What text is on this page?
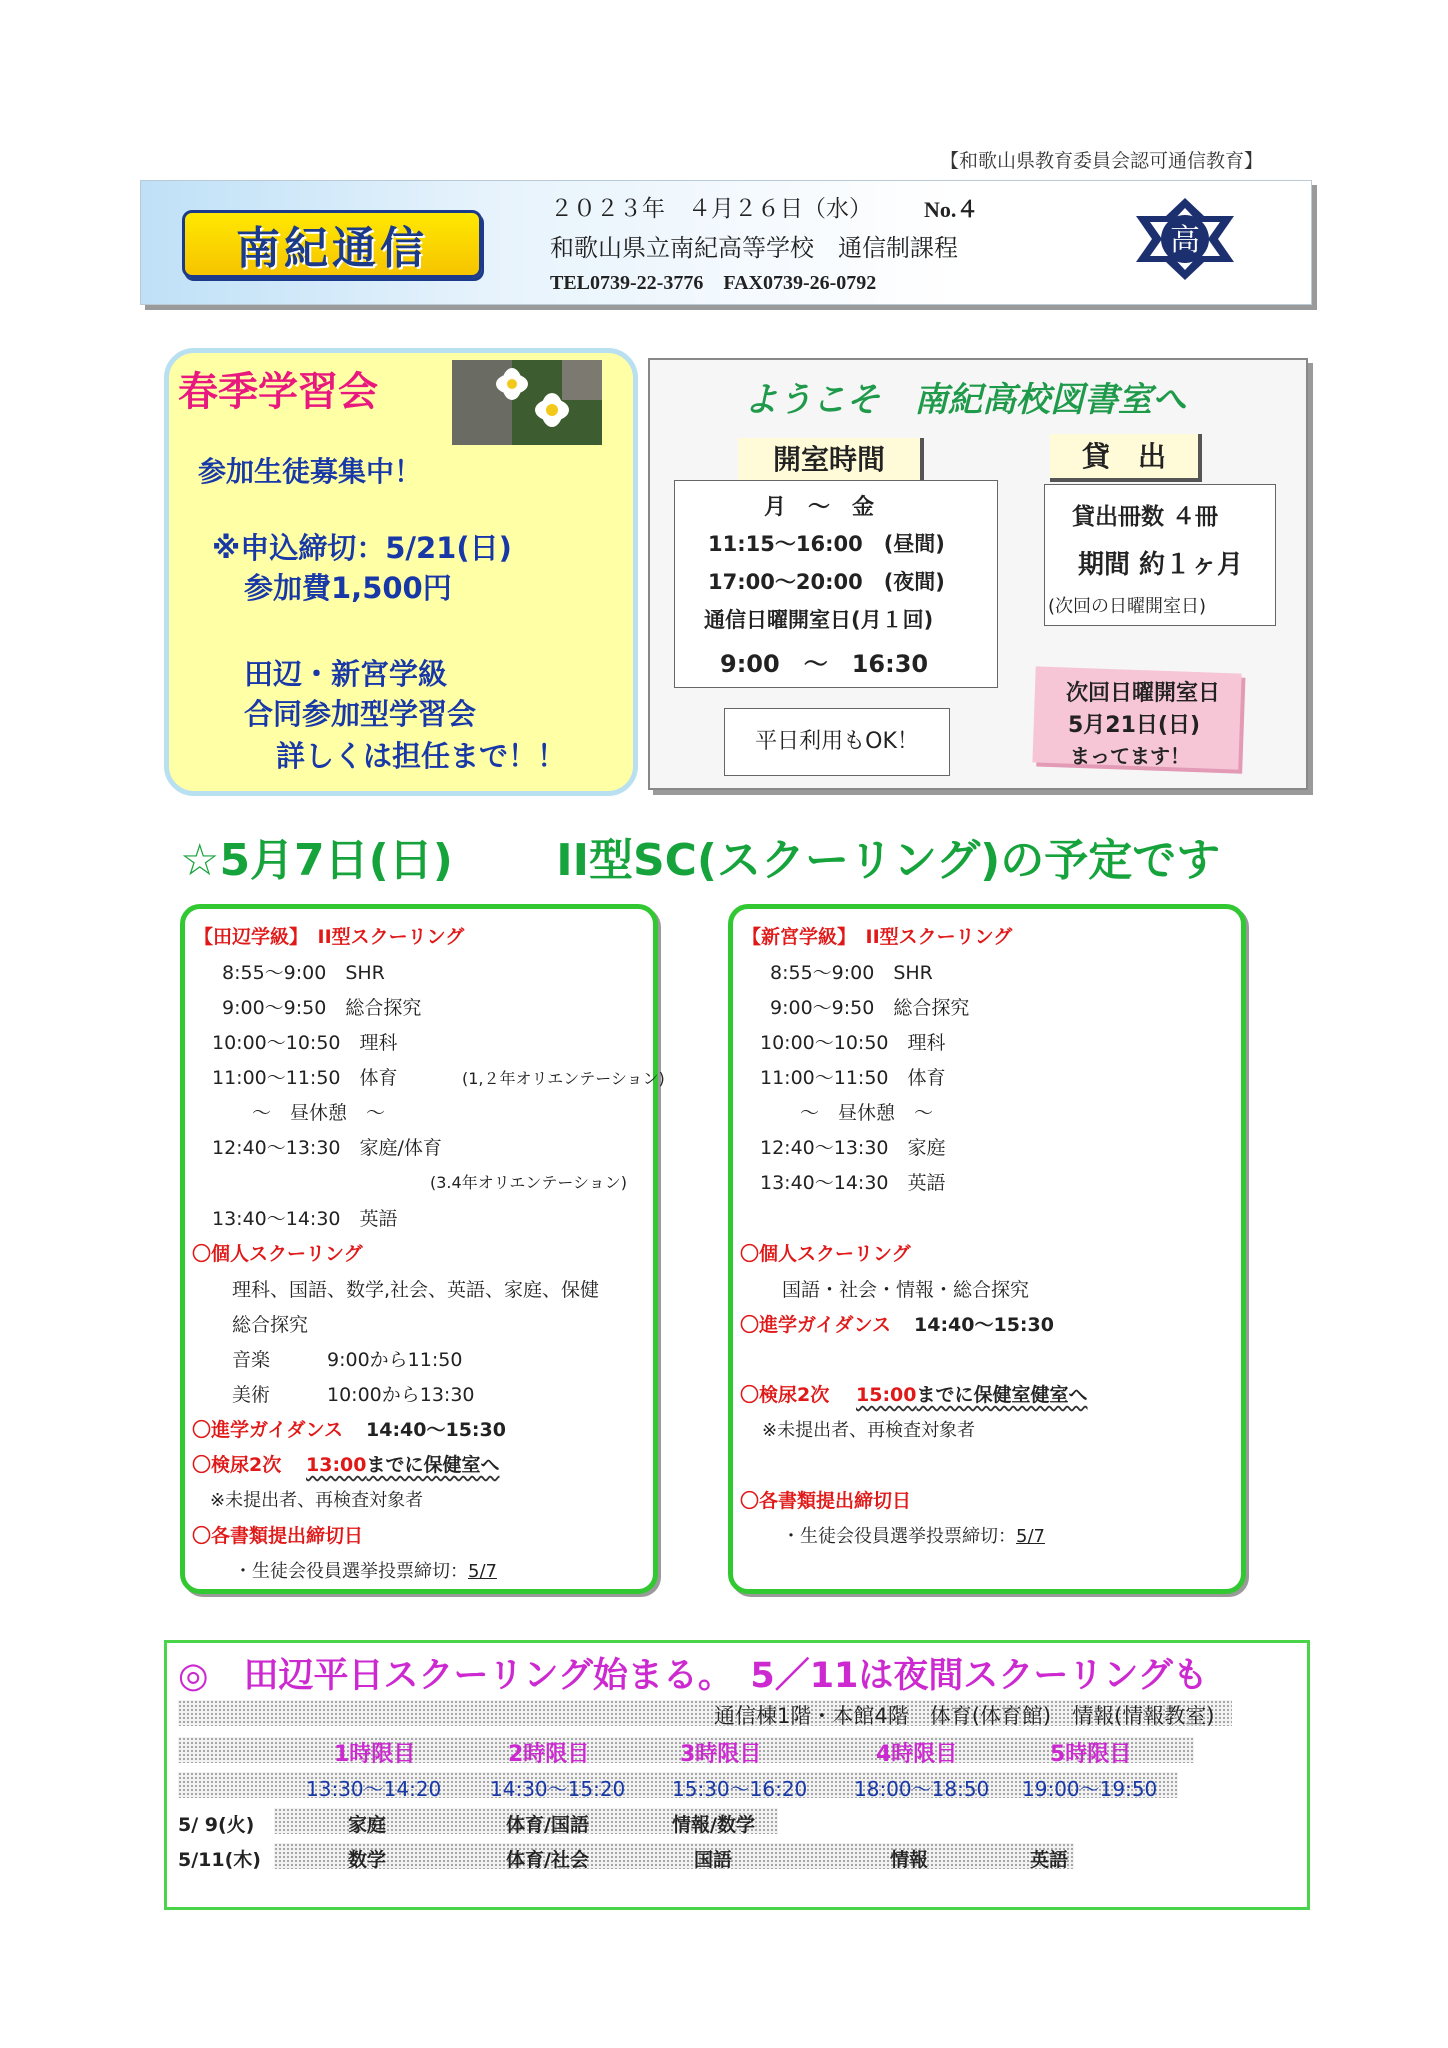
【和歌山県教育委員会認可通信教育】
南紀通信
２０２３年　４月２６日（水） No.４
和歌山県立南紀高等学校　通信制課程
TEL0739-22-3776　FAX0739-26-0792
高
春季学習会
参加生徒募集中！
※申込締切：5/21(日)
参加費1,500円
田辺・新宮学級
合同参加型学習会
詳しくは担任まで！！
ようこそ　南紀高校図書室へ
開室時間
月　～　金
11:15～16:00　(昼間)
17:00～20:00　(夜間)
通信日曜開室日(月１回)
9:00　～　16:30
平日利用もOK！
貸　出
貸出冊数 ４冊
期間 約１ヶ月
(次回の日曜開室日)
次回日曜開室日
5月21日(日)
まってます！
☆5月7日(日)　　 II型SC(スクーリング)の予定です
【田辺学級】　II型スクーリング
8:55～9:00　SHR
9:00～9:50　総合探究
10:00～10:50　理科
11:00～11:50　体育	(1,２年オリエンテーション)
～　昼休憩　～
12:40～13:30　家庭/体育
(3.4年オリエンテーション)
13:40～14:30　英語
〇個人スクーリング
理科、国語、数学,社会、英語、家庭、保健
総合探究
音楽　　　9:00から11:50
美術　　　10:00から13:30
〇進学ガイダンス 14:40～15:30
〇検尿2次 13:00までに保健室へ
※未提出者、再検査対象者
〇各書類提出締切日
・生徒会役員選挙投票締切：5/7
【新宮学級】　II型スクーリング
8:55～9:00　SHR
9:00～9:50　総合探究
10:00～10:50　理科
11:00～11:50　体育
～　昼休憩　～
12:40～13:30　家庭
13:40～14:30　英語
〇個人スクーリング
国語・社会・情報・総合探究
〇進学ガイダンス 14:40～15:30
〇検尿2次 15:00までに保健室健室へ
※未提出者、再検査対象者
〇各書類提出締切日
・生徒会役員選挙投票締切：5/7
◎　田辺平日スクーリング始まる。　5／11は夜間スクーリングも
通信棟1階・本館4階　体育(体育館)　情報(情報教室)
1時限目	2時限目	3時限目	4時限目	5時限目
13:30～14:20 14:30～15:20 15:30～16:20 18:00～18:50 19:00～19:50
5/ 9(火)	家庭	体育/国語	情報/数学
5/11(木)	数学	体育/社会	国語	情報	英語
